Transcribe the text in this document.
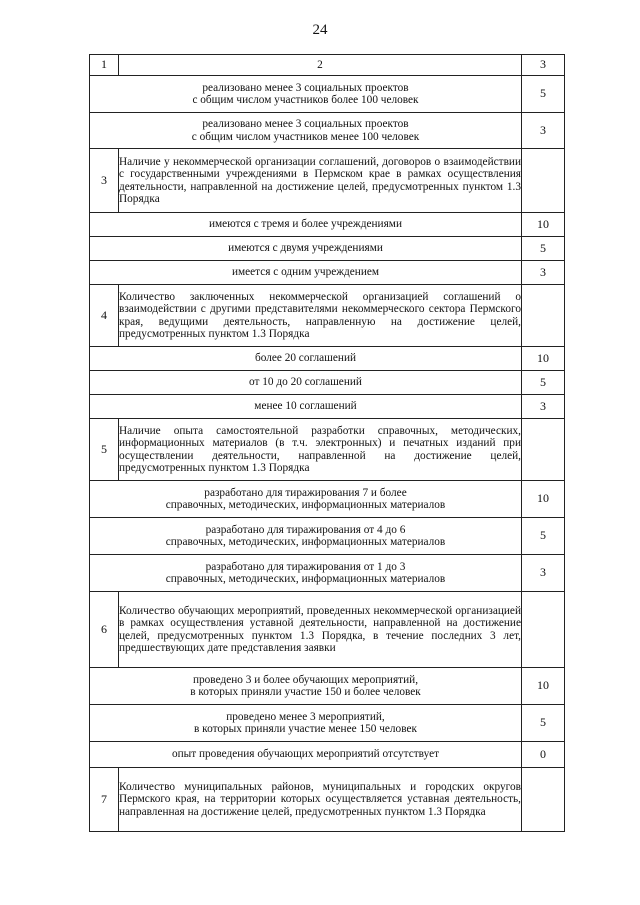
24
1	2	3

реализовано менее 3 социальных проектов
с общим числом участников более 100 человек		5

реализовано менее 3 социальных проектов
с общим числом участников менее 100 человек		3
3	Наличие у некоммерческой организации соглашений, договоров о взаимодействии с государственными учреждениями в Пермском крае в рамках осуществления деятельности, направленной на достижение целей, предусмотренных пунктом 1.3 Порядка	

имеются с тремя и более учреждениями		10

имеются с двумя учреждениями		5

имеется с одним учреждением		3
4	Количество заключенных некоммерческой организацией соглашений о взаимодействии с другими представителями некоммерческого сектора Пермского края, ведущими деятельность, направленную на достижение целей, предусмотренных пунктом 1.3 Порядка	

более 20 соглашений		10

от 10 до 20 соглашений		5

менее 10 соглашений		3
5	Наличие опыта самостоятельной разработки справочных, методических, информационных материалов (в т.ч. электронных) и печатных изданий при осуществлении деятельности, направленной на достижение целей, предусмотренных пунктом 1.3 Порядка	

разработано для тиражирования 7 и более
справочных, методических, информационных материалов		10

разработано для тиражирования от 4 до 6
справочных, методических, информационных материалов		5

разработано для тиражирования от 1 до 3
справочных, методических, информационных материалов		3
6	Количество обучающих мероприятий, проведенных некоммерческой организацией в рамках осуществления уставной деятельности, направленной на достижение целей, предусмотренных пунктом 1.3 Порядка, в течение последних 3 лет, предшествующих дате представления заявки	

проведено 3 и более обучающих мероприятий,
в которых приняли участие 150 и более человек		10

проведено менее 3 мероприятий,
в которых приняли участие менее 150 человек		5

опыт проведения обучающих мероприятий отсутствует		0
7	Количество муниципальных районов, муниципальных и городских округов Пермского края, на территории которых осуществляется уставная деятельность, направленная на достижение целей, предусмотренных пунктом 1.3 Порядка	
